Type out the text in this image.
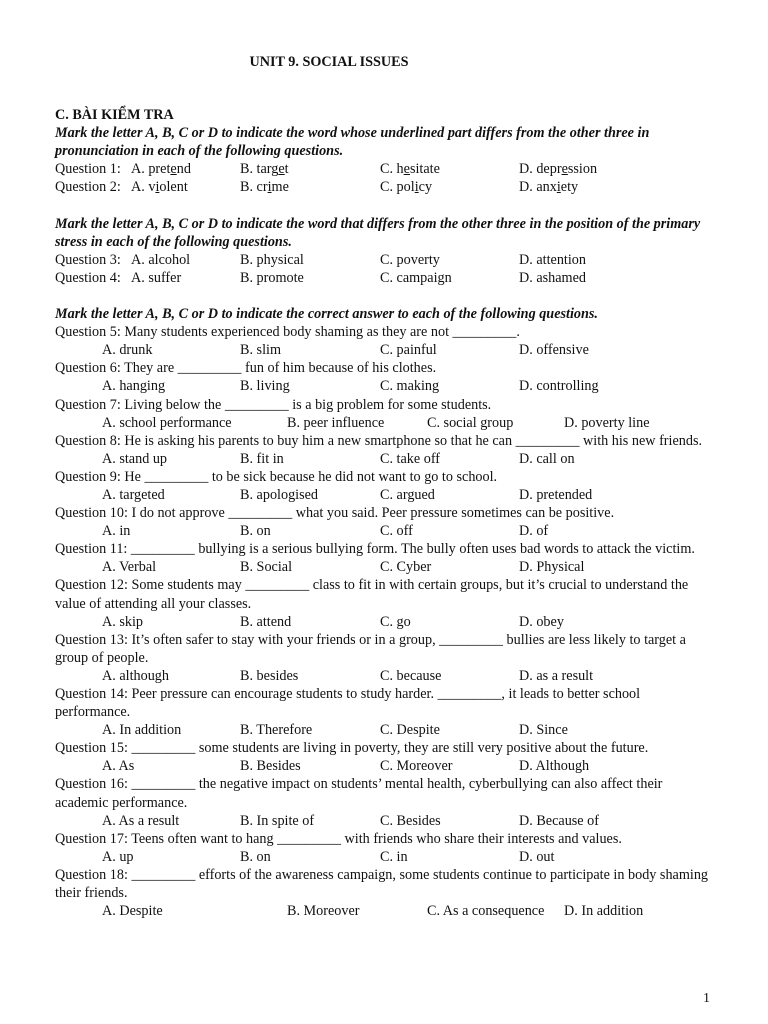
UNIT 9. SOCIAL ISSUES
C. BÀI KIỂM TRA
Mark the letter A, B, C or D to indicate the word whose underlined part differs from the other three in pronunciation in each of the following questions.
Question 1: A. pretend	B. target	C. hesitate	D. depression
Question 2: A. violent	B. crime	C. policy	D. anxiety
Mark the letter A, B, C or D to indicate the word that differs from the other three in the position of the primary stress in each of the following questions.
Question 3: A. alcohol	B. physical	C. poverty	D. attention
Question 4: A. suffer	B. promote	C. campaign	D. ashamed
Mark the letter A, B, C or D to indicate the correct answer to each of the following questions.
Question 5: Many students experienced body shaming as they are not _________.
A. drunk	B. slim	C. painful	D. offensive
Question 6: They are _________ fun of him because of his clothes.
A. hanging	B. living	C. making	D. controlling
Question 7: Living below the _________ is a big problem for some students.
A. school performance	B. peer influence	C. social group	D. poverty line
Question 8: He is asking his parents to buy him a new smartphone so that he can _________ with his new friends.
A. stand up	B. fit in	C. take off	D. call on
Question 9: He _________ to be sick because he did not want to go to school.
A. targeted	B. apologised	C. argued	D. pretended
Question 10: I do not approve _________ what you said. Peer pressure sometimes can be positive.
A. in	B. on	C. off	D. of
Question 11: _________ bullying is a serious bullying form. The bully often uses bad words to attack the victim.
A. Verbal	B. Social	C. Cyber	D. Physical
Question 12: Some students may _________ class to fit in with certain groups, but it’s crucial to understand the value of attending all your classes.
A. skip	B. attend	C. go	D. obey
Question 13: It’s often safer to stay with your friends or in a group, _________ bullies are less likely to target a group of people.
A. although	B. besides	C. because	D. as a result
Question 14: Peer pressure can encourage students to study harder. _________, it leads to better school performance.
A. In addition	B. Therefore	C. Despite	D. Since
Question 15: _________ some students are living in poverty, they are still very positive about the future.
A. As	B. Besides	C. Moreover	D. Although
Question 16: _________ the negative impact on students’ mental health, cyberbullying can also affect their academic performance.
A. As a result	B. In spite of	C. Besides	D. Because of
Question 17: Teens often want to hang _________ with friends who share their interests and values.
A. up	B. on	C. in	D. out
Question 18: _________ efforts of the awareness campaign, some students continue to participate in body shaming their friends.
A. Despite	B. Moreover	C. As a consequence D. In addition
1
